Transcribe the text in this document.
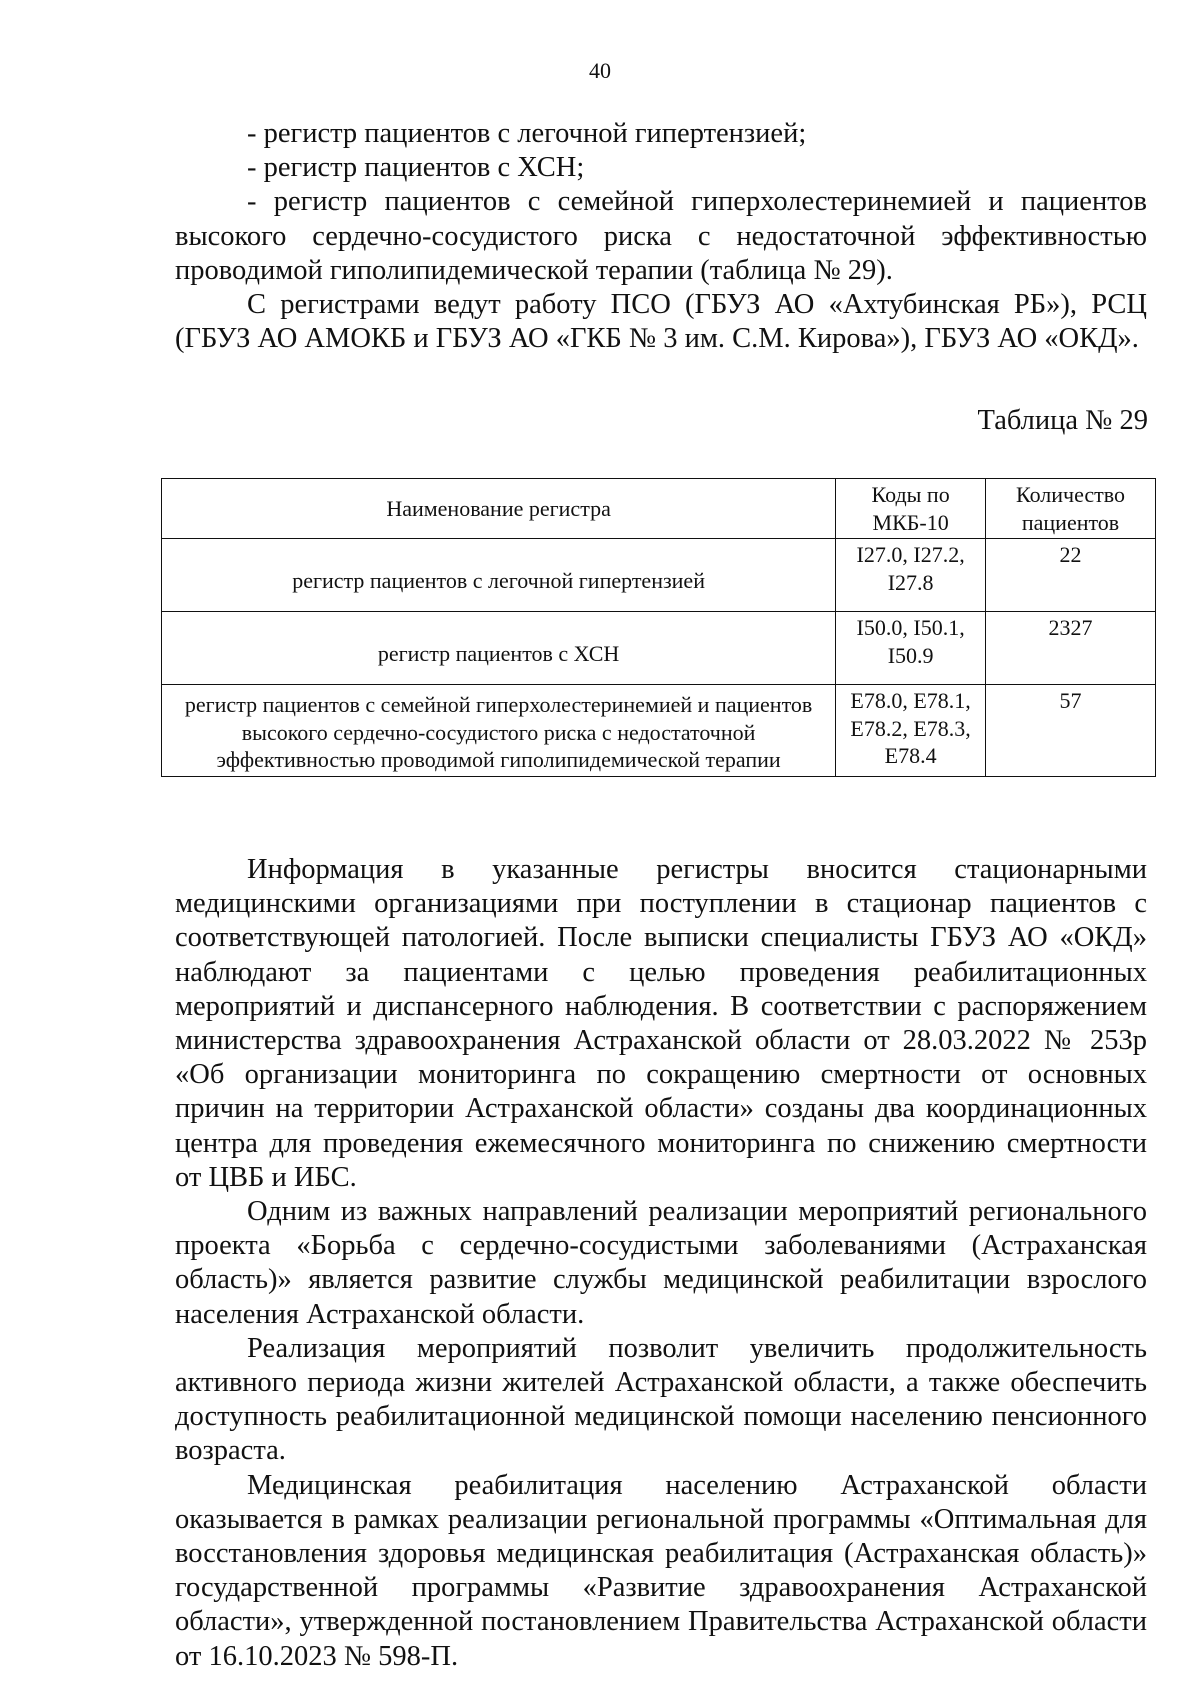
40

- регистр пациентов с легочной гипертензией;

- регистр пациентов с ХСН;

- регистр пациентов с семейной гиперхолестеринемией и пациентов высокого сердечно-сосудистого риска с недостаточной эффективностью проводимой гиполипидемической терапии (таблица № 29).

С регистрами ведут работу ПСО (ГБУЗ АО «Ахтубинская РБ»), РСЦ (ГБУЗ АО АМОКБ и ГБУЗ АО «ГКБ № 3 им. С.М. Кирова»), ГБУЗ АО «ОКД».

Таблица № 29
Наименование регистра	Коды по МКБ-10	Количество пациентов
регистр пациентов с легочной гипертензией	I27.0, I27.2, I27.8	22
регистр пациентов с ХСН	I50.0, I50.1, I50.9	2327
регистр пациентов с семейной гиперхолестеринемией и пациентов высокого сердечно-сосудистого риска с недостаточной эффективностью проводимой гиполипидемической терапии	E78.0, E78.1, E78.2, E78.3, E78.4	57

Информация в указанные регистры вносится стационарными медицинскими организациями при поступлении в стационар пациентов с соответствующей патологией. После выписки специалисты ГБУЗ АО «ОКД» наблюдают за пациентами с целью проведения реабилитационных мероприятий и диспансерного наблюдения. В соответствии с распоряжением министерства здравоохранения Астраханской области от 28.03.2022 № 253р «Об организации мониторинга по сокращению смертности от основных причин на территории Астраханской области» созданы два координационных центра для проведения ежемесячного мониторинга по снижению смертности от ЦВБ и ИБС.

Одним из важных направлений реализации мероприятий регионального проекта «Борьба с сердечно-сосудистыми заболеваниями (Астраханская область)» является развитие службы медицинской реабилитации взрослого населения Астраханской области.

Реализация мероприятий позволит увеличить продолжительность активного периода жизни жителей Астраханской области, а также обеспечить доступность реабилитационной медицинской помощи населению пенсионного возраста.

Медицинская реабилитация населению Астраханской области оказывается в рамках реализации региональной программы «Оптимальная для восстановления здоровья медицинская реабилитация (Астраханская область)» государственной программы «Развитие здравоохранения Астраханской области», утвержденной постановлением Правительства Астраханской области от 16.10.2023 № 598-П.
